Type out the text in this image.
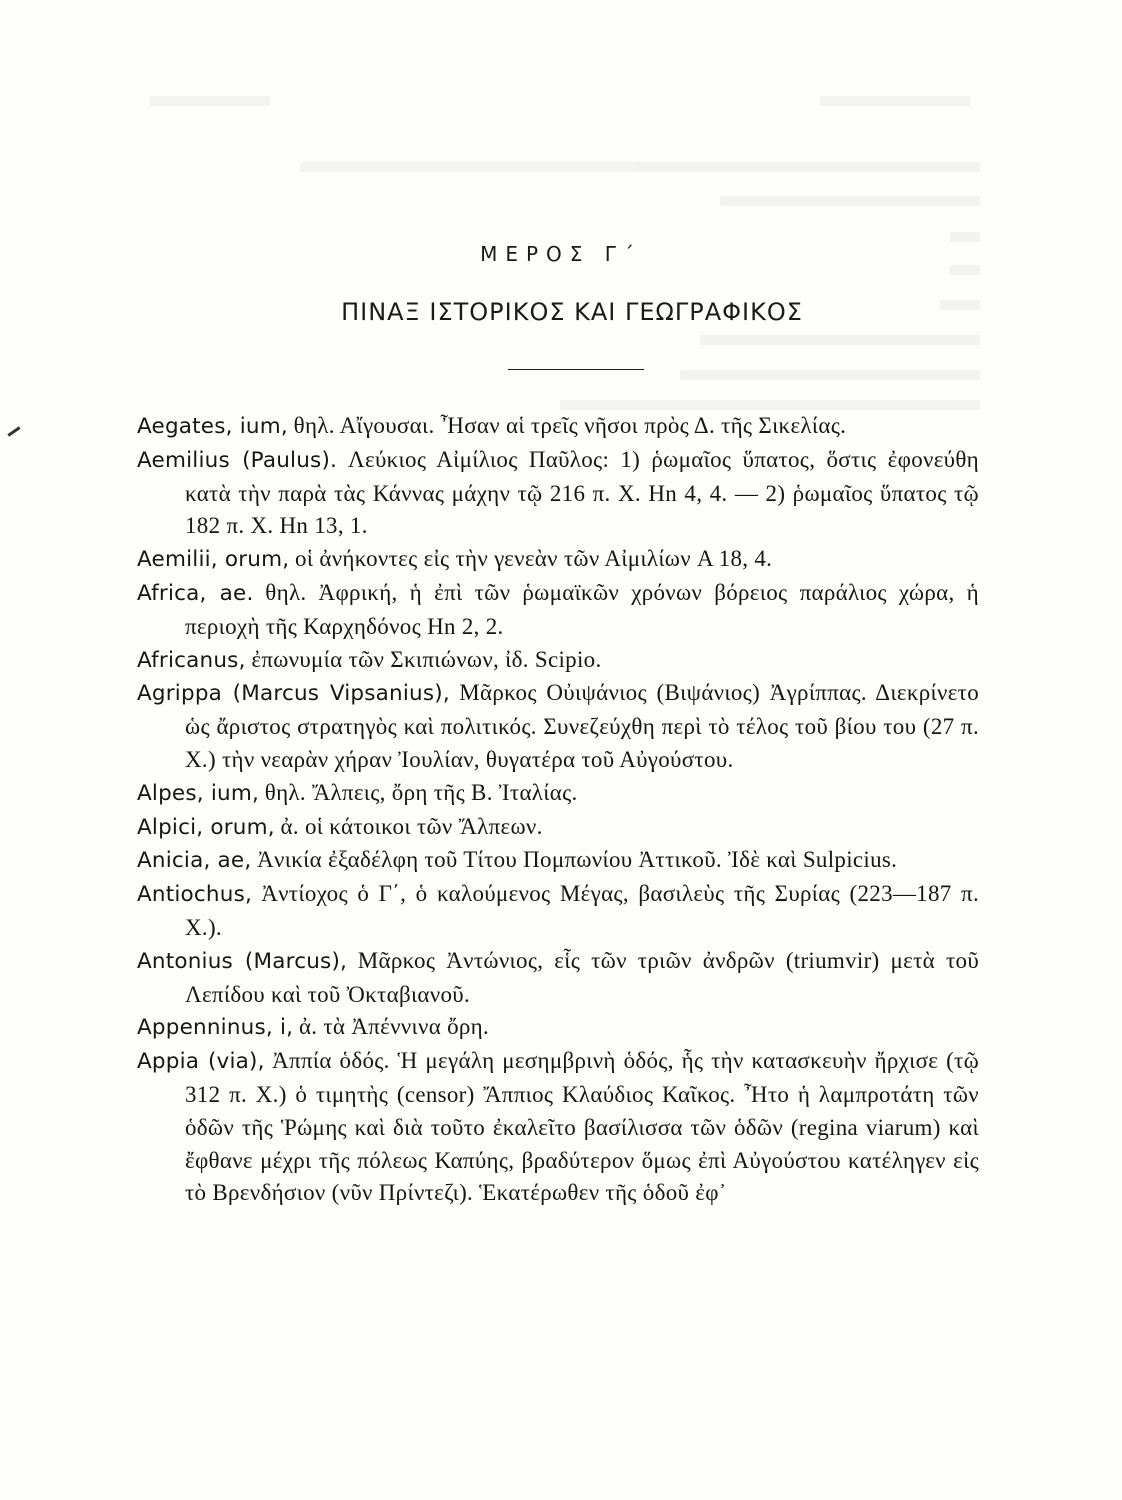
ΜΕΡΟΣ Γ΄
ΠΙΝΑΞ ΙΣΤΟΡΙΚΟΣ ΚΑΙ ΓΕΩΓΡΑΦΙΚΟΣ
Aegates, ium, θηλ. Αἴγουσαι. Ἦσαν αἱ τρεῖς νῆσοι πρὸς Δ. τῆς Σικελίας.
Aemilius (Paulus). Λεύκιος Αἰμίλιος Παῦλος: 1) ῥωμαῖος ὕπατος, ὅστις ἐφονεύθη κατὰ τὴν παρὰ τὰς Κάννας μάχην τῷ 216 π. Χ. Hn 4, 4. — 2) ῥωμαῖος ὕπατος τῷ 182 π. Χ. Hn 13, 1.
Aemilii, orum, οἱ ἀνήκοντες εἰς τὴν γενεὰν τῶν Αἰμιλίων A 18, 4.
Africa, ae. θηλ. Ἀφρική, ἡ ἐπὶ τῶν ῥωμαϊκῶν χρόνων βόρειος παράλιος χώρα, ἡ περιοχὴ τῆς Καρχηδόνος Hn 2, 2.
Africanus, ἐπωνυμία τῶν Σκιπιώνων, ἰδ. Scipio.
Agrippa (Marcus Vipsanius), Μᾶρκος Οὐιψάνιος (Βιψάνιος) Ἀγρίππας. Διεκρίνετο ὡς ἄριστος στρατηγὸς καὶ πολιτικός. Συνεζεύχθη περὶ τὸ τέλος τοῦ βίου του (27 π. Χ.) τὴν νεαρὰν χήραν Ἰουλίαν, θυγατέρα τοῦ Αὐγούστου.
Alpes, ium, θηλ. Ἄλπεις, ὄρη τῆς Β. Ἰταλίας.
Alpici, orum, ἀ. οἱ κάτοικοι τῶν Ἄλπεων.
Anicia, ae, Ἀνικία ἐξαδέλφη τοῦ Τίτου Πομπωνίου Ἀττικοῦ. Ἰδὲ καὶ Sulpicius.
Antiochus, Ἀντίοχος ὁ Γ΄, ὁ καλούμενος Μέγας, βασιλεὺς τῆς Συρίας (223—187 π. Χ.).
Antonius (Marcus), Μᾶρκος Ἀντώνιος, εἷς τῶν τριῶν ἀνδρῶν (triumvir) μετὰ τοῦ Λεπίδου καὶ τοῦ Ὀκταβιανοῦ.
Appenninus, i, ἀ. τὰ Ἀπέννινα ὄρη.
Appia (via), Ἀππία ὁδός. Ἡ μεγάλη μεσημβρινὴ ὁδός, ἧς τὴν κατασκευὴν ἤρχισε (τῷ 312 π. Χ.) ὁ τιμητὴς (censor) Ἄππιος Κλαύδιος Καῖκος. Ἦτο ἡ λαμπροτάτη τῶν ὁδῶν τῆς Ῥώμης καὶ διὰ τοῦτο ἐκαλεῖτο βασίλισσα τῶν ὁδῶν (regina viarum) καὶ ἔφθανε μέχρι τῆς πόλεως Καπύης, βραδύτερον ὅμως ἐπὶ Αὐγούστου κατέληγεν εἰς τὸ Βρενδήσιον (νῦν Πρίντεζι). Ἑκατέρωθεν τῆς ὁδοῦ ἐφ᾽
